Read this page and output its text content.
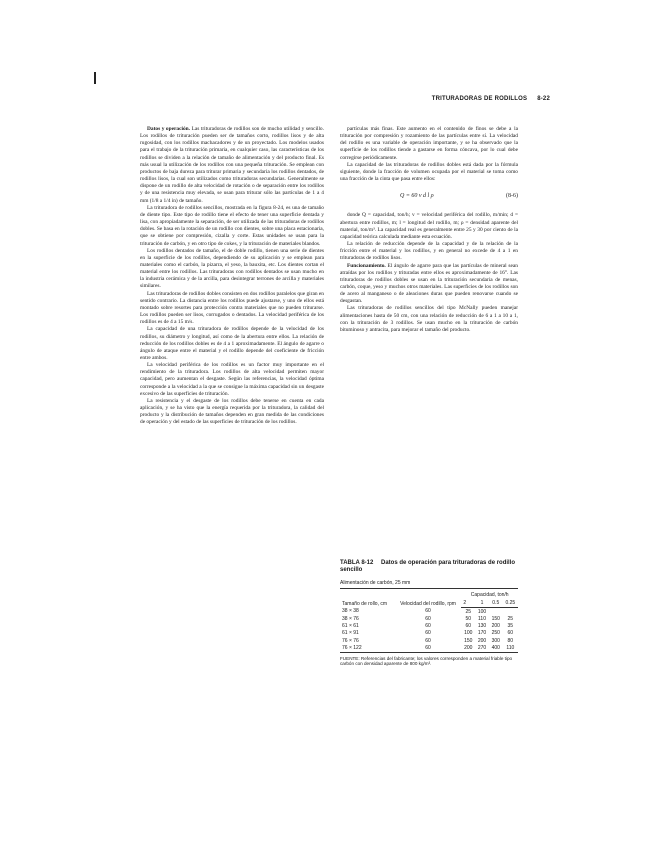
TRITURADORAS DE RODILLOS 8-22

Datos y operación. Las trituradoras de rodillos son de mucho utilidad y sencillo. Los rodillos de trituración pueden ser de tamaños corto, rodillos lisos y de alta rugosidad, con los rodillos machacadores y de un proyectado. Los modelos usados para el trabajo de la trituración primaria, en cualquier caso, las características de los rodillos se dividen a la relación de tamaño de alimentación y del producto final. Es más usual la utilización de los rodillos con una pequeña trituración. Se emplean con productos de baja dureza para triturar primaria y secundaria los rodillos dentados, de rodillos lisos, la cual son utilizados como trituradoras secundarias. Generalmente se dispone de un rodillo de alta velocidad de rotación o de separación entre los rodillos y de una resistencia muy elevada, se usan para triturar sólo las partículas de 1 a 4 mm (1/8 a 1/4 in) de tamaño.

La trituradora de rodillos sencillos, mostrada en la figura 8-24, es una de tamaño de diente tipo. Este tipo de rodillo tiene el efecto de tener una superficie dentada y lisa, con apropiadamente la separación, de ser utilizada de las trituradoras de rodillos dobles. Se basa en la rotación de un rodillo con dientes, sobre una placa estacionaria, que se obtiene por compresión, cizalla y corte. Estas unidades se usan para la trituración de carbón, y en otro tipo de cokes, y la trituración de materiales blandos.

Los rodillos dentados de tamaño, el de doble rodillo, tienen una serie de dientes en la superficie de los rodillos, dependiendo de su aplicación y se emplean para materiales como el carbón, la pizarra, el yeso, la bauxita, etc. Los dientes cortan el material entre los rodillos. Las trituradoras con rodillos dentados se usan mucho en la industria cerámica y de la arcilla, para desintegrar terrones de arcilla y materiales similares.

Las trituradoras de rodillos dobles consisten en dos rodillos paralelos que giran en sentido contrario. La distancia entre los rodillos puede ajustarse, y uno de ellos está montado sobre resortes para protección contra materiales que no pueden triturarse. Los rodillos pueden ser lisos, corrugados o dentados. La velocidad periférica de los rodillos es de 4 a 15 m/s.

La capacidad de una trituradora de rodillos depende de la velocidad de los rodillos, su diámetro y longitud, así como de la abertura entre ellos. La relación de reducción de los rodillos dobles es de 4 a 1 aproximadamente. El ángulo de agarre o ángulo de ataque entre el material y el rodillo depende del coeficiente de fricción entre ambos.

La velocidad periférica de los rodillos es un factor muy importante en el rendimiento de la trituradora. Los rodillos de alta velocidad permiten mayor capacidad, pero aumentan el desgaste. Según las referencias, la velocidad óptima corresponde a la velocidad a la que se consigue la máxima capacidad sin un desgaste excesivo de las superficies de trituración.

La resistencia y el desgaste de los rodillos debe tenerse en cuenta en cada aplicación, y se ha visto que la energía requerida por la trituradora, la calidad del producto y la distribución de tamaños dependen en gran medida de las condiciones de operación y del estado de las superficies de trituración de los rodillos.

partículas más finas. Este aumento en el contenido de finos se debe a la trituración por compresión y rozamiento de las partículas entre sí. La velocidad del rodillo es una variable de operación importante, y se ha observado que la superficie de los rodillos tiende a gastarse en forma cóncava, por lo cual debe corregirse periódicamente.

La capacidad de las trituradoras de rodillos dobles está dada por la fórmula siguiente, donde la fracción de volumen ocupada por el material se toma como una fracción de la cinta que pasa entre ellos:

Q = 60 v d l ρ	(8-6)

donde Q = capacidad, ton/h; v = velocidad periférica del rodillo, m/min; d = abertura entre rodillos, m; l = longitud del rodillo, m; ρ = densidad aparente del material, ton/m³. La capacidad real es generalmente entre 25 y 30 por ciento de la capacidad teórica calculada mediante esta ecuación.

La relación de reducción depende de la capacidad y de la relación de la fricción entre el material y los rodillos, y en general no excede de 4 a 1 en trituradoras de rodillos lisos.

Funcionamiento. El ángulo de agarre para que las partículas de mineral sean atraídas por los rodillos y trituradas entre ellos es aproximadamente de 16°. Las trituradoras de rodillos dobles se usan en la trituración secundaria de menas, carbón, coque, yeso y muchos otros materiales. Las superficies de los rodillos son de acero al manganeso o de aleaciones duras que pueden renovarse cuando se desgastan.

Las trituradoras de rodillos sencillos del tipo McNally pueden manejar alimentaciones hasta de 50 cm, con una relación de reducción de 6 a 1 a 10 a 1, con la trituración de 3 rodillos. Se usan mucho en la trituración de carbón bituminoso y antracita, para mejorar el tamaño del producto.

TABLA 8-12 Datos de operación para trituradoras de rodillo sencillo
Alimentación de carbón, 25 mm
Tamaño de rollo, cm	Velocidad del rodillo, rpm	Capacidad, ton/h			
		2	1	0.5	0.25
38 × 38	60	25	100		
38 × 76	60	50	110	150	25
61 × 61	60	60	130	200	35
61 × 91	60	100	170	250	60
76 × 76	60	150	200	300	80
76 × 122	60	200	270	400	110
FUENTE: Referencias del fabricante; los valores corresponden a material friable tipo carbón con densidad aparente de 800 kg/m³.
